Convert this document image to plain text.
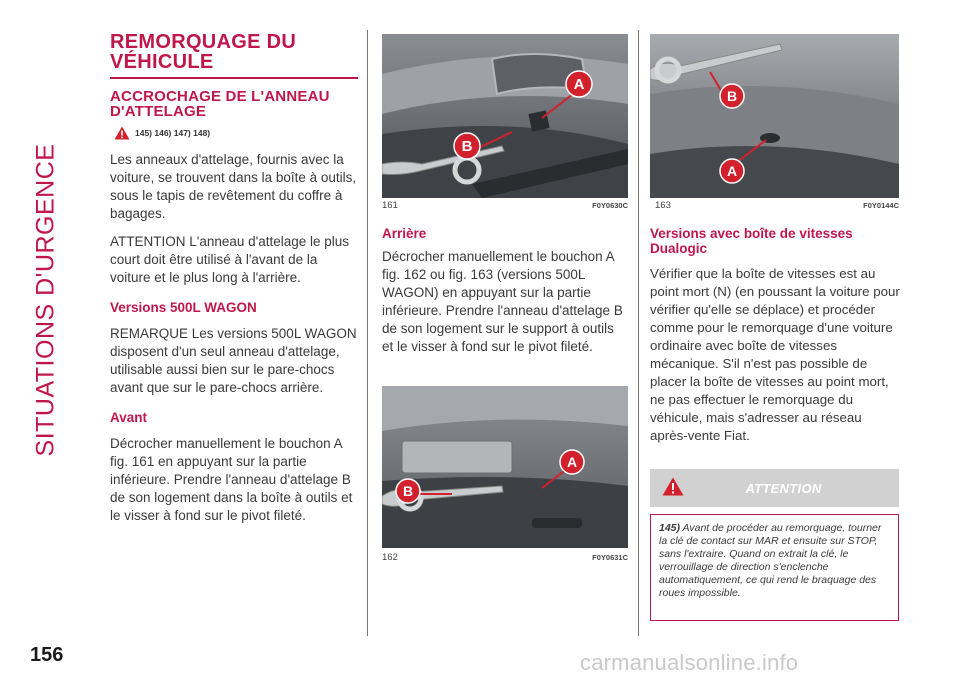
SITUATIONS D'URGENCE
REMORQUAGE DU VÉHICULE
ACCROCHAGE DE L'ANNEAU D'ATTELAGE
145) 146) 147) 148)

Les anneaux d'attelage, fournis avec la voiture, se trouvent dans la boîte à outils, sous le tapis de revêtement du coffre à bagages.

ATTENTION L'anneau d'attelage le plus court doit être utilisé à l'avant de la voiture et le plus long à l'arrière.

Versions 500L WAGON

REMARQUE Les versions 500L WAGON disposent d'un seul anneau d'attelage, utilisable aussi bien sur le pare-chocs avant que sur le pare-chocs arrière.

Avant

Décrocher manuellement le bouchon A fig. 161 en appuyant sur la partie inférieure. Prendre l'anneau d'attelage B de son logement dans la boîte à outils et le visser à fond sur le pivot fileté.

A
B
161	F0Y0630C
B
A
163	F0Y0144C
Arrière

Décrocher manuellement le bouchon A fig. 162 ou fig. 163 (versions 500L WAGON) en appuyant sur la partie inférieure. Prendre l'anneau d'attelage B de son logement sur le support à outils et le visser à fond sur le pivot fileté.

A
B
162	F0Y0631C
Versions avec boîte de vitesses Dualogic

Vérifier que la boîte de vitesses est au point mort (N) (en poussant la voiture pour vérifier qu'elle se déplace) et procéder comme pour le remorquage d'une voiture ordinaire avec boîte de vitesses mécanique. S'il n'est pas possible de placer la boîte de vitesses au point mort, ne pas effectuer le remorquage du véhicule, mais s'adresser au réseau après-vente Fiat.

ATTENTION
145) Avant de procéder au remorquage, tourner la clé de contact sur MAR et ensuite sur STOP, sans l'extraire. Quand on extrait la clé, le verrouillage de direction s'enclenche automatiquement, ce qui rend le braquage des roues impossible.
156	carmanualsonline.info
